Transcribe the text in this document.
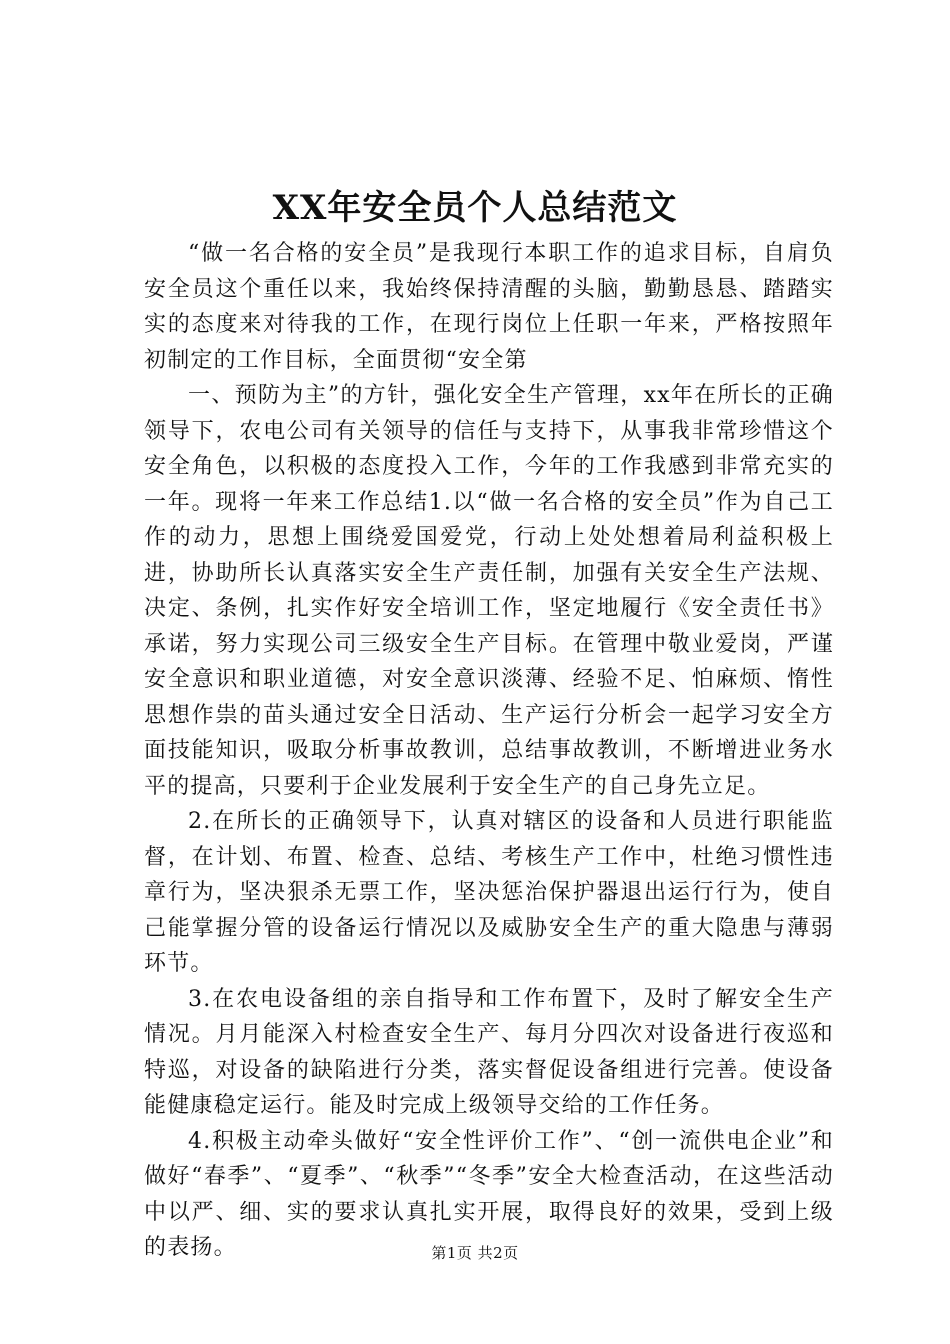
XX年安全员个人总结范文

“做一名合格的安全员”是我现行本职工作的追求目标，自肩负安全员这个重任以来，我始终保持清醒的头脑，勤勤恳恳、踏踏实实的态度来对待我的工作，在现行岗位上任职一年来，严格按照年初制定的工作目标，全面贯彻“安全第

一、预防为主”的方针，强化安全生产管理，xx年在所长的正确领导下，农电公司有关领导的信任与支持下，从事我非常珍惜这个安全角色，以积极的态度投入工作，今年的工作我感到非常充实的一年。现将一年来工作总结1.以“做一名合格的安全员”作为自己工作的动力，思想上围绕爱国爱党，行动上处处想着局利益积极上进，协助所长认真落实安全生产责任制，加强有关安全生产法规、决定、条例，扎实作好安全培训工作，坚定地履行《安全责任书》承诺，努力实现公司三级安全生产目标。在管理中敬业爱岗，严谨安全意识和职业道德，对安全意识淡薄、经验不足、怕麻烦、惰性思想作祟的苗头通过安全日活动、生产运行分析会一起学习安全方面技能知识，吸取分析事故教训，总结事故教训，不断增进业务水平的提高，只要利于企业发展利于安全生产的自己身先立足。

2.在所长的正确领导下，认真对辖区的设备和人员进行职能监督，在计划、布置、检查、总结、考核生产工作中，杜绝习惯性违章行为，坚决狠杀无票工作，坚决惩治保护器退出运行行为，使自己能掌握分管的设备运行情况以及威胁安全生产的重大隐患与薄弱环节。

3.在农电设备组的亲自指导和工作布置下，及时了解安全生产情况。月月能深入村检查安全生产、每月分四次对设备进行夜巡和特巡，对设备的缺陷进行分类，落实督促设备组进行完善。使设备能健康稳定运行。能及时完成上级领导交给的工作任务。

4.积极主动牵头做好“安全性评价工作”、“创一流供电企业”和做好“春季”、“夏季”、“秋季”“冬季”安全大检查活动，在这些活动中以严、细、实的要求认真扎实开展，取得良好的效果，受到上级的表扬。	第1页 共2页
